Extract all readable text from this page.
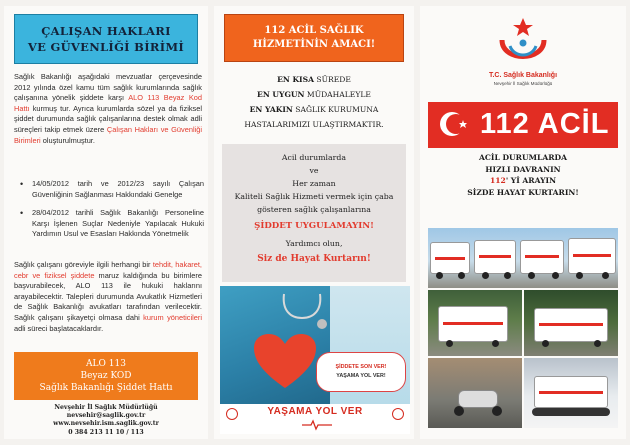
ÇALIŞAN HAKLARI
VE GÜVENLİĞİ BİRİMİ

Sağlık Bakanlığı aşağıdaki mevzuatlar çerçevesinde 2012 yılında özel kamu tüm sağlık kurumlarında sağlık çalışanına yönelik şiddete karşı ALO 113 Beyaz Kod Hattı kurmuş tur. Ayrıca kurumlarda sözel ya da fiziksel şiddet durumunda sağlık çalışanlarına destek olmak adli süreçleri takip etmek üzere Çalışan Hakları ve Güvenliği Birimleri oluşturulmuştur.

• 14/05/2012 tarih ve 2012/23 sayılı Çalışan Güvenliğinin Sağlanması Hakkındaki Genelge
• 28/04/2012 tarihli Sağlık Bakanlığı Personeline Karşı İşlenen Suçlar Nedeniyle Yapılacak Hukuki Yardımın Usul ve Esasları Hakkında Yönetmelik

Sağlık çalışanı göreviyle ilgili herhangi bir tehdit, hakaret, cebr ve fiziksel şiddete maruz kaldığında bu birimlere başvurabilecek, ALO 113 ile hukuki haklarını arayabilecektir. Talepleri durumunda Avukatlık Hizmetleri de Sağlık Bakanlığı avukatları tarafından verilecektir. Sağlık çalışanı şikayetçi olmasa dahi kurum yöneticileri adli süreci başlatacaklardır.

ALO 113
Beyaz KOD
Sağlık Bakanlığı Şiddet Hattı
Nevşehir İl Sağlık Müdürlüğü
nevsehir@saglik.gov.tr
www.nevsehir.ism.saglik.gov.tr
0 384 213 11 10 / 113
112 ACİL SAĞLIK
HİZMETİNİN AMACI!
EN KISA SÜREDE
EN UYGUN MÜDAHALEYLE
EN YAKIN SAĞLIK KURUMUNA
HASTALARIMIZI ULAŞTIRMAKTIR.

Acil durumlarda

ve

Her zaman

Kaliteli Sağlık Hizmeti vermek için çaba

gösteren sağlık çalışanlarına

ŞİDDET UYGULAMAYIN!

Yardımcı olun,

Siz de Hayat Kurtarın!

ŞİDDETE SON VER!
YAŞAMA YOL VER!
YAŞAMA YOL VER
T.C. Sağlık Bakanlığı
Nevşehir İl Sağlık Müdürlüğü
112 ACİL
ACİL DURUMLARDA
HIZLI DAVRANIN
112' Yİ ARAYIN
SİZDE HAYAT KURTARIN!
